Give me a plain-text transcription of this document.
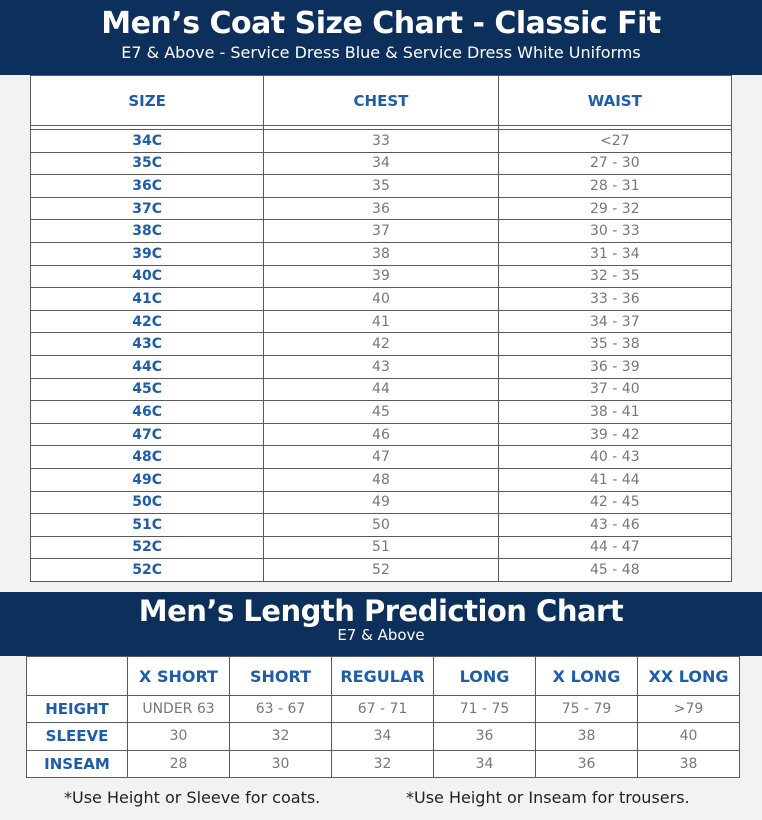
Men’s Coat Size Chart - Classic Fit
E7 & Above - Service Dress Blue & Service Dress White Uniforms
SIZE	CHEST	WAIST

34C	33	<27
35C	34	27 - 30
36C	35	28 - 31
37C	36	29 - 32
38C	37	30 - 33
39C	38	31 - 34
40C	39	32 - 35
41C	40	33 - 36
42C	41	34 - 37
43C	42	35 - 38
44C	43	36 - 39
45C	44	37 - 40
46C	45	38 - 41
47C	46	39 - 42
48C	47	40 - 43
49C	48	41 - 44
50C	49	42 - 45
51C	50	43 - 46
52C	51	44 - 47
52C	52	45 - 48
Men’s Length Prediction Chart
E7 & Above
	X SHORT	SHORT	REGULAR	LONG	X LONG	XX LONG
HEIGHT	UNDER 63	63 - 67	67 - 71	71 - 75	75 - 79	>79
SLEEVE	30	32	34	36	38	40
INSEAM	28	30	32	34	36	38
*Use Height or Sleeve for coats.	*Use Height or Inseam for trousers.
